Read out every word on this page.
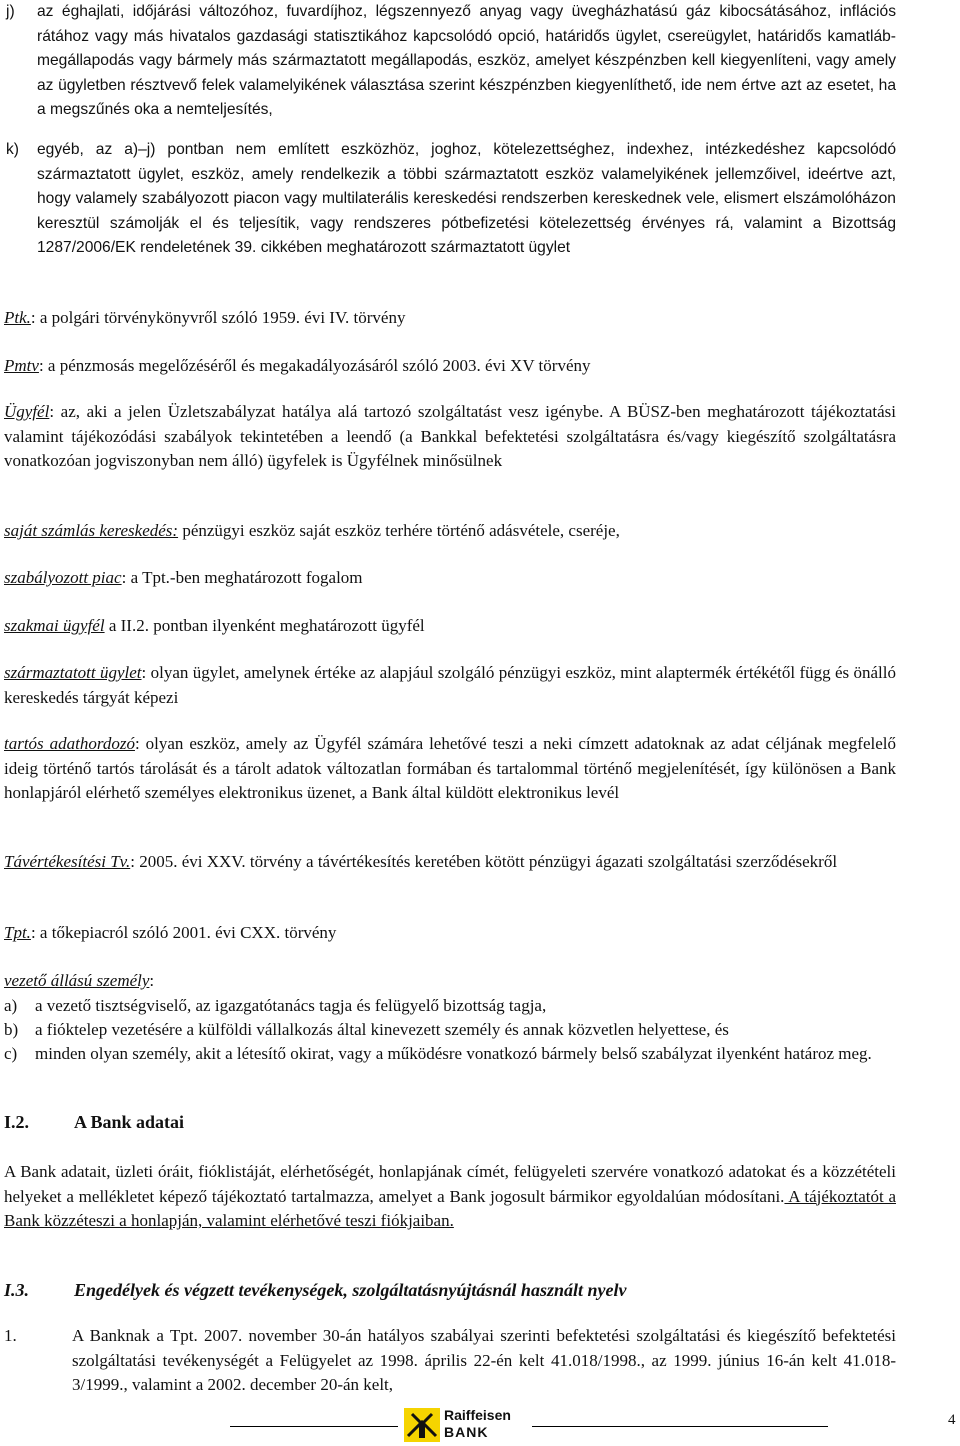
j) az éghajlati, időjárási változóhoz, fuvardíjhoz, légszennyező anyag vagy üvegházhatású gáz kibocsátásához, inflációs rátához vagy más hivatalos gazdasági statisztikához kapcsolódó opció, határidős ügylet, csereügylet, határidős kamatláb-megállapodás vagy bármely más származtatott megállapodás, eszköz, amelyet készpénzben kell kiegyenlíteni, vagy amely az ügyletben résztvevő felek valamelyikének választása szerint készpénzben kiegyenlíthető, ide nem értve azt az esetet, ha a megszűnés oka a nemteljesítés,
k) egyéb, az a)–j) pontban nem említett eszközhöz, joghoz, kötelezettséghez, indexhez, intézkedéshez kapcsolódó származtatott ügylet, eszköz, amely rendelkezik a többi származtatott eszköz valamelyikének jellemzőivel, ideértve azt, hogy valamely szabályozott piacon vagy multilaterális kereskedési rendszerben kereskednek vele, elismert elszámolóházon keresztül számolják el és teljesítik, vagy rendszeres pótbefizetési kötelezettség érvényes rá, valamint a Bizottság 1287/2006/EK rendeletének 39. cikkében meghatározott származtatott ügylet
Ptk.: a polgári törvénykönyvről szóló 1959. évi IV. törvény
Pmtv: a pénzmosás megelőzéséről és megakadályozásáról szóló 2003. évi XV törvény
Ügyfél: az, aki a jelen Üzletszabályzat hatálya alá tartozó szolgáltatást vesz igénybe. A BÜSZ-ben meghatározott tájékoztatási valamint tájékozódási szabályok tekintetében a leendő (a Bankkal befektetési szolgáltatásra és/vagy kiegészítő szolgáltatásra vonatkozóan jogviszonyban nem álló) ügyfelek is Ügyfélnek minősülnek
saját számlás kereskedés: pénzügyi eszköz saját eszköz terhére történő adásvétele, cseréje,
szabályozott piac: a Tpt.-ben meghatározott fogalom
szakmai ügyfél a II.2. pontban ilyenként meghatározott ügyfél
származtatott ügylet: olyan ügylet, amelynek értéke az alapjául szolgáló pénzügyi eszköz, mint alaptermék értékétől függ és önálló kereskedés tárgyát képezi
tartós adathordozó: olyan eszköz, amely az Ügyfél számára lehetővé teszi a neki címzett adatoknak az adat céljának megfelelő ideig történő tartós tárolását és a tárolt adatok változatlan formában és tartalommal történő megjelenítését, így különösen a Bank honlapjáról elérhető személyes elektronikus üzenet, a Bank által küldött elektronikus levél
Távértékesítési Tv.: 2005. évi XXV. törvény a távértékesítés keretében kötött pénzügyi ágazati szolgáltatási szerződésekről
Tpt.: a tőkepiacról szóló 2001. évi CXX. törvény
vezető állású személy:
a) a vezető tisztségviselő, az igazgatótanács tagja és felügyelő bizottság tagja,
b) a fióktelep vezetésére a külföldi vállalkozás által kinevezett személy és annak közvetlen helyettese, és
c) minden olyan személy, akit a létesítő okirat, vagy a működésre vonatkozó bármely belső szabályzat ilyenként határoz meg.
I.2. A Bank adatai
A Bank adatait, üzleti óráit, fióklistáját, elérhetőségét, honlapjának címét, felügyeleti szervére vonatkozó adatokat és a közzétételi helyeket a mellékletet képező tájékoztató tartalmazza, amelyet a Bank jogosult bármikor egyoldalúan módosítani. A tájékoztatót a Bank közzéteszi a honlapján, valamint elérhetővé teszi fiókjaiban.
I.3. Engedélyek és végzett tevékenységek, szolgáltatásnyújtásnál használt nyelv
1.	A Banknak a Tpt. 2007. november 30-án hatályos szabályai szerinti befektetési szolgáltatási és kiegészítő befektetési szolgáltatási tevékenységét a Felügyelet az 1998. április 22-én kelt 41.018/1998., az 1999. június 16-án kelt 41.018-3/1999., valamint a 2002. december 20-án kelt,
Raiffeisen
BANK
4
